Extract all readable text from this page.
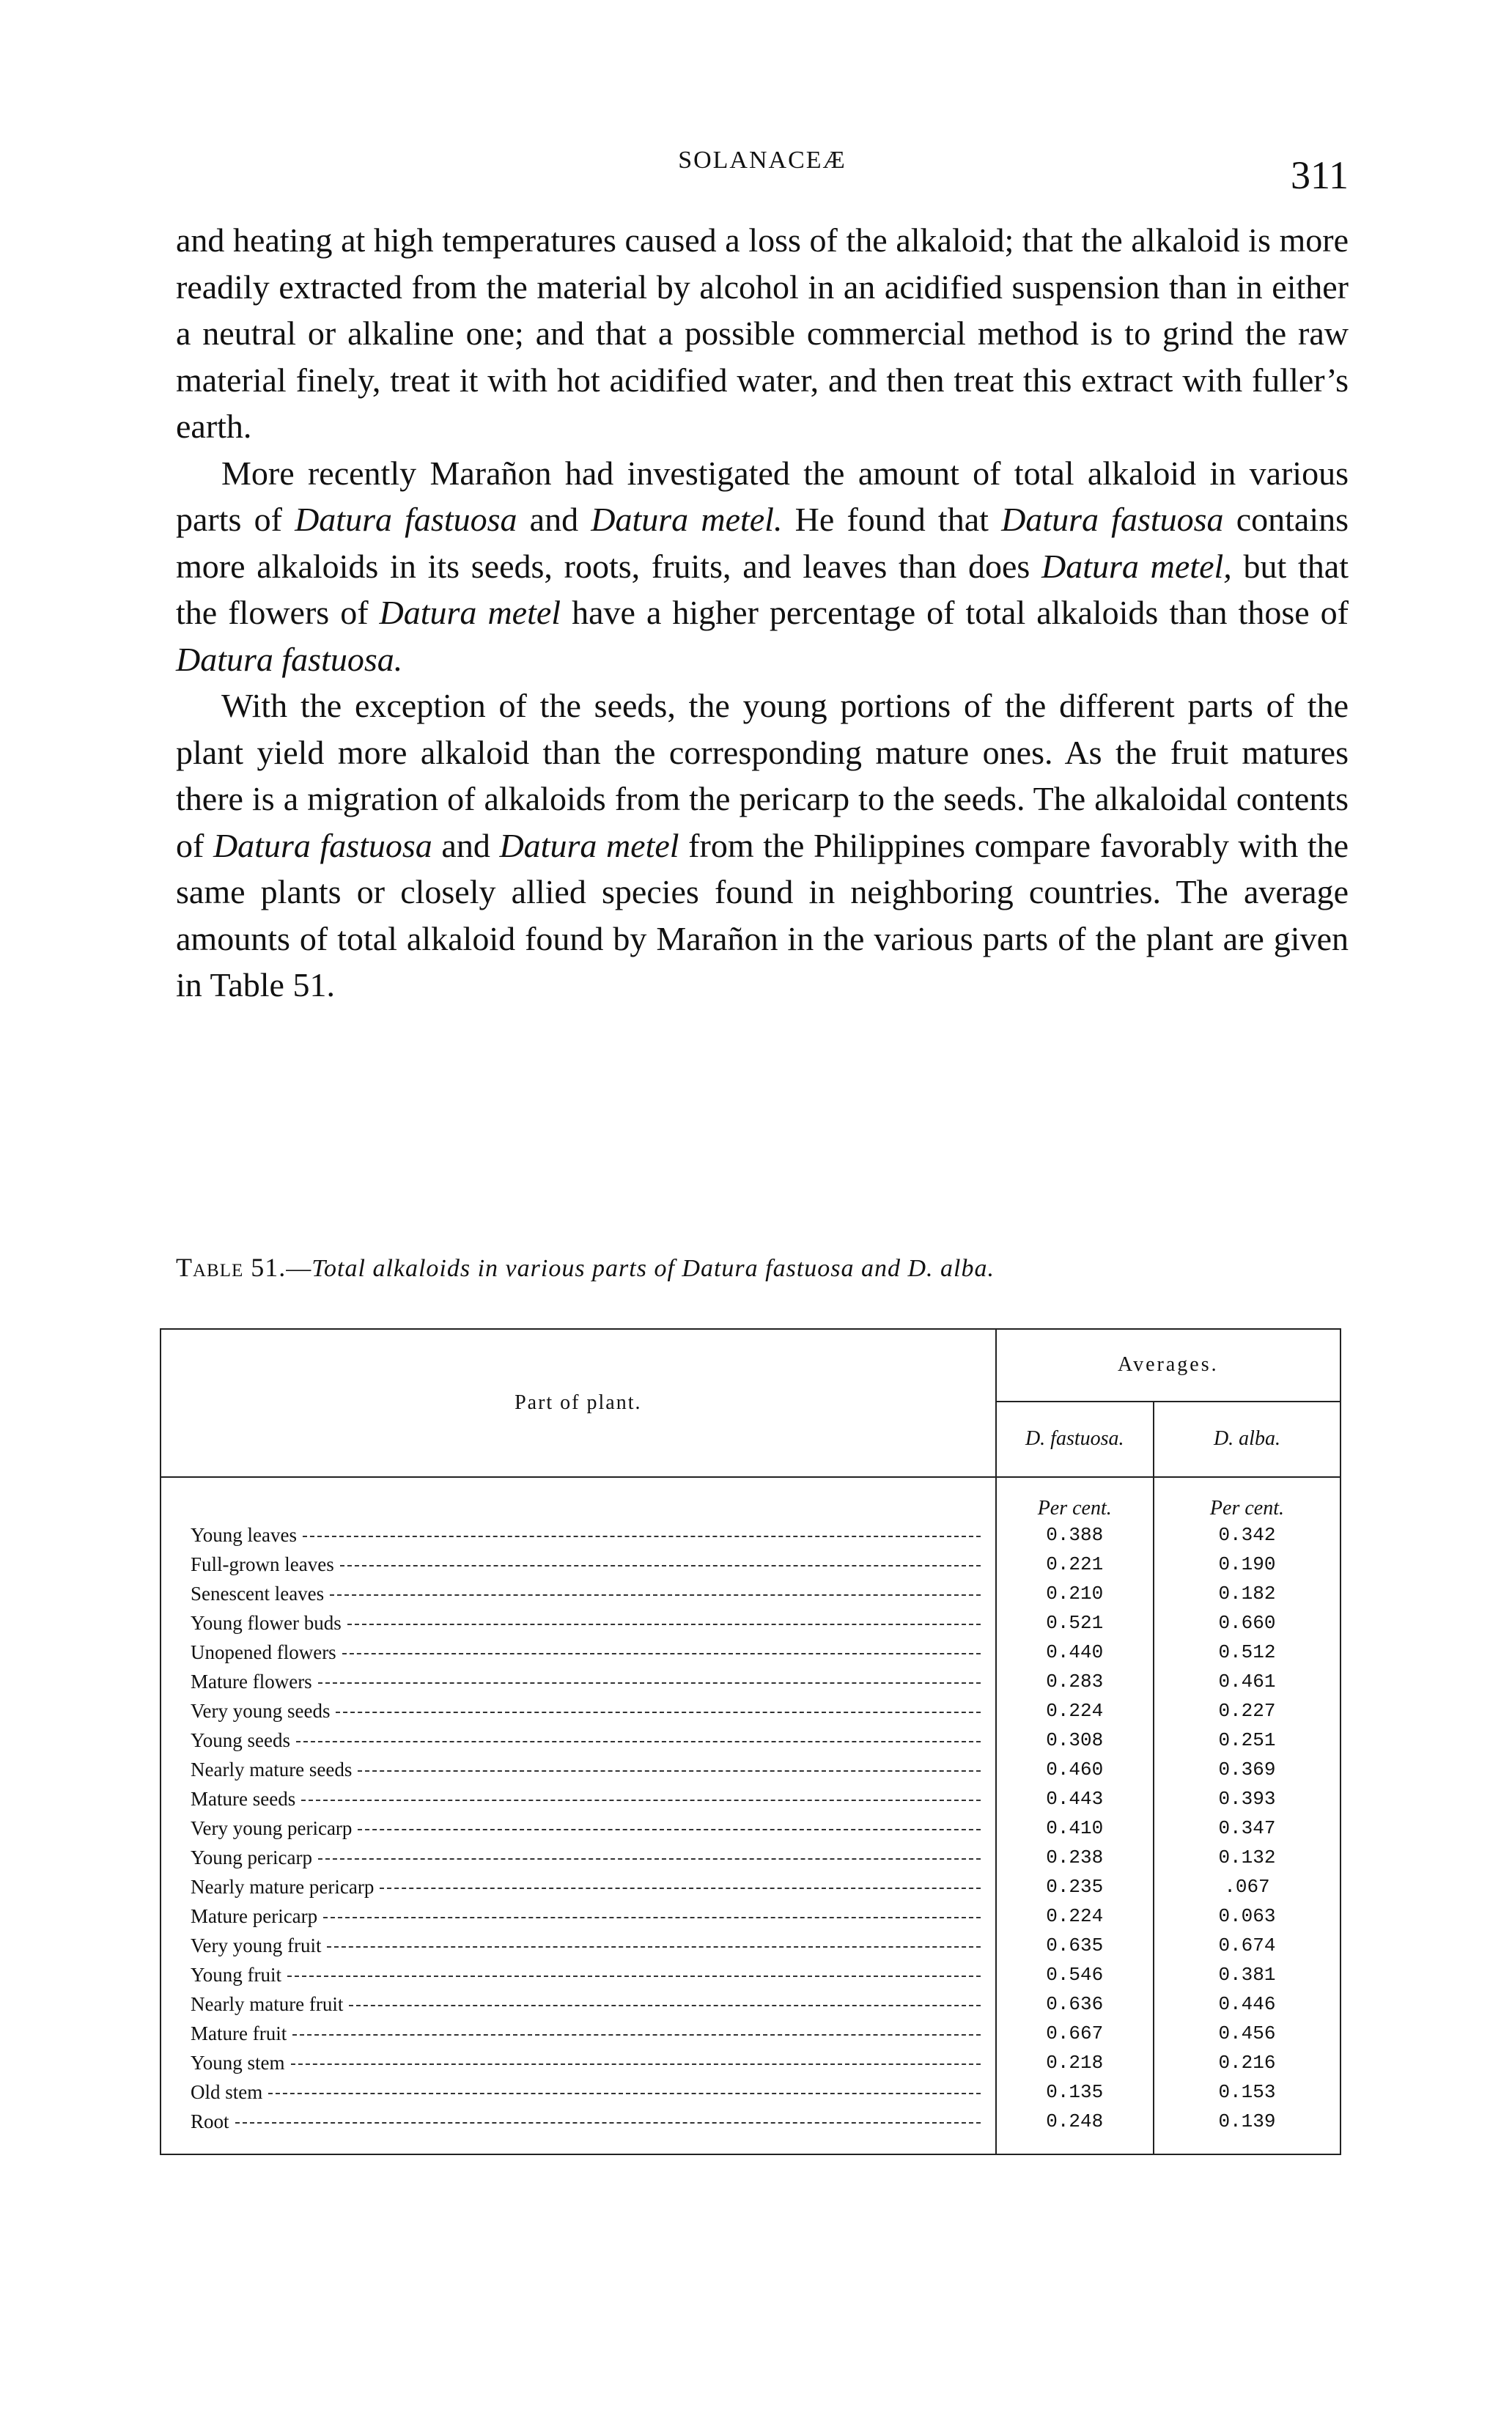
SOLANACEÆ	311

and heating at high temperatures caused a loss of the alkaloid; that the alkaloid is more readily extracted from the material by alcohol in an acidified suspension than in either a neutral or alkaline one; and that a possible commercial method is to grind the raw material finely, treat it with hot acidified water, and then treat this extract with fuller’s earth.

More recently Marañon had investigated the amount of total alkaloid in various parts of Datura fastuosa and Datura metel. He found that Datura fastuosa contains more alkaloids in its seeds, roots, fruits, and leaves than does Datura metel, but that the flowers of Datura metel have a higher percentage of total alkaloids than those of Datura fastuosa.

With the exception of the seeds, the young portions of the different parts of the plant yield more alkaloid than the corresponding mature ones. As the fruit matures there is a migration of alkaloids from the pericarp to the seeds. The alkaloidal contents of Datura fastuosa and Datura metel from the Philippines compare favorably with the same plants or closely allied species found in neighboring countries. The average amounts of total alkaloid found by Marañon in the various parts of the plant are given in Table 51.

Table 51.—Total alkaloids in various parts of Datura fastuosa and D. alba.
Part of plant.	Averages.	
	D. fastuosa.	D. alba.
	Per cent.	Per cent.

Young leaves	0.388	0.342

Full-grown leaves	0.221	0.190

Senescent leaves	0.210	0.182

Young flower buds	0.521	0.660

Unopened flowers	0.440	0.512

Mature flowers	0.283	0.461

Very young seeds	0.224	0.227

Young seeds	0.308	0.251

Nearly mature seeds	0.460	0.369

Mature seeds	0.443	0.393

Very young pericarp	0.410	0.347

Young pericarp	0.238	0.132

Nearly mature pericarp	0.235	.067

Mature pericarp	0.224	0.063

Very young fruit	0.635	0.674

Young fruit	0.546	0.381

Nearly mature fruit	0.636	0.446

Mature fruit	0.667	0.456

Young stem	0.218	0.216

Old stem	0.135	0.153

Root	0.248	0.139
